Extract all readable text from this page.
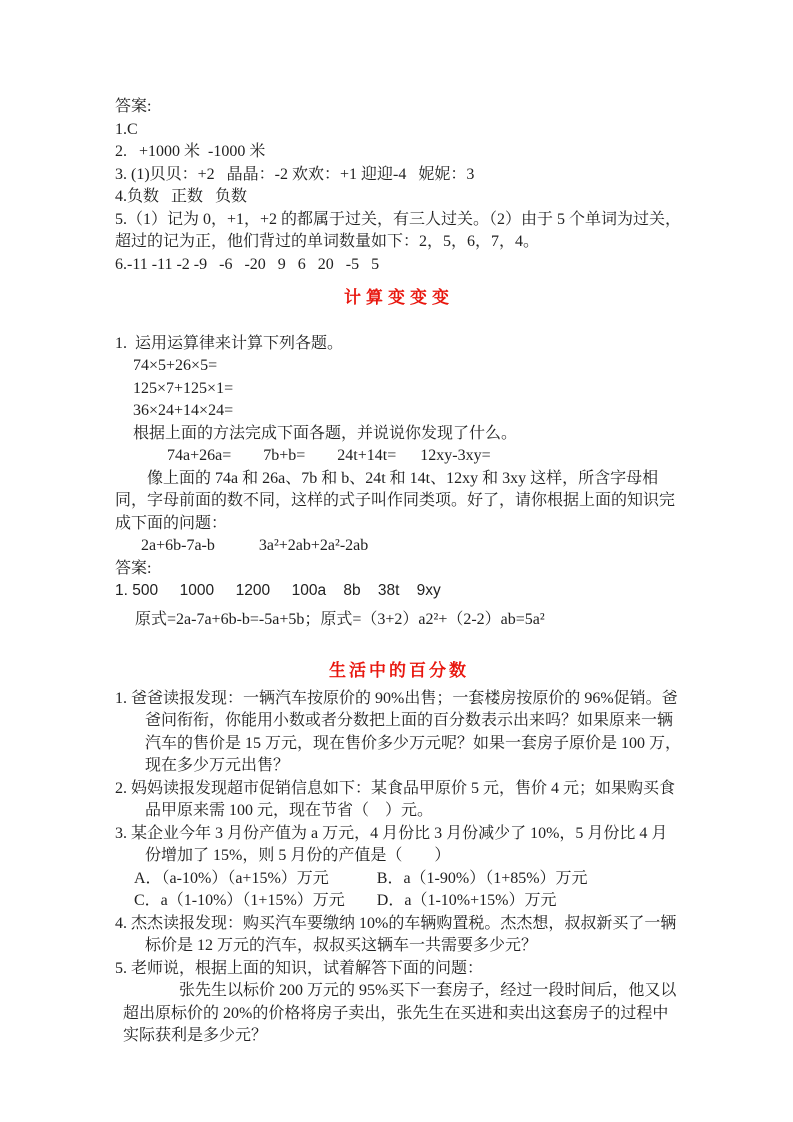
答案:
1.C
2.   +1000 米  -1000 米
3. (1)贝贝：+2   晶晶：-2 欢欢：+1 迎迎-4   妮妮：3
4.负数   正数   负数
5.（1）记为 0，+1，+2 的都属于过关，有三人过关。（2）由于 5 个单词为过关，超过的记为正，他们背过的单词数量如下：2，5，6，7，4。
6.-11 -11 -2 -9   -6   -20   9   6   20   -5   5
计算变变变
1.  运用运算律来计算下列各题。
74×5+26×5=
125×7+125×1=
36×24+14×24=
根据上面的方法完成下面各题，并说说你发现了什么。
74a+26a=        7b+b=        24t+14t=      12xy-3xy=
像上面的 74a 和 26a、7b 和 b、24t 和 14t、12xy 和 3xy 这样，所含字母相同，字母前面的数不同，这样的式子叫作同类项。好了，请你根据上面的知识完成下面的问题：
2a+6b-7a-b           3a²+2ab+2a²-2ab
答案:
1. 500     1000     1200     100a    8b    38t    9xy
原式=2a-7a+6b-b=-5a+5b；原式=（3+2）a2²+（2-2）ab=5a²
生活中的百分数
1. 爸爸读报发现：一辆汽车按原价的 90%出售；一套楼房按原价的 96%促销。爸爸问衔衔，你能用小数或者分数把上面的百分数表示出来吗？如果原来一辆汽车的售价是 15 万元，现在售价多少万元呢？如果一套房子原价是 100 万，现在多少万元出售？
2. 妈妈读报发现超市促销信息如下：某食品甲原价 5 元，售价 4 元；如果购买食品甲原来需 100 元，现在节省（　）元。
3. 某企业今年 3 月份产值为 a 万元，4 月份比 3 月份减少了 10%，5 月份比 4 月份增加了 15%，则 5 月份的产值是（　　）
A．（a-10%）（a+15%）万元            B．a（1-90%）（1+85%）万元
C．a（1-10%）（1+15%）万元        D．a（1-10%+15%）万元
4. 杰杰读报发现：购买汽车要缴纳 10%的车辆购置税。杰杰想，叔叔新买了一辆标价是 12 万元的汽车，叔叔买这辆车一共需要多少元？
5. 老师说，根据上面的知识，试着解答下面的问题：
张先生以标价 200 万元的 95%买下一套房子，经过一段时间后，他又以超出原标价的 20%的价格将房子卖出，张先生在买进和卖出这套房子的过程中实际获利是多少元？
